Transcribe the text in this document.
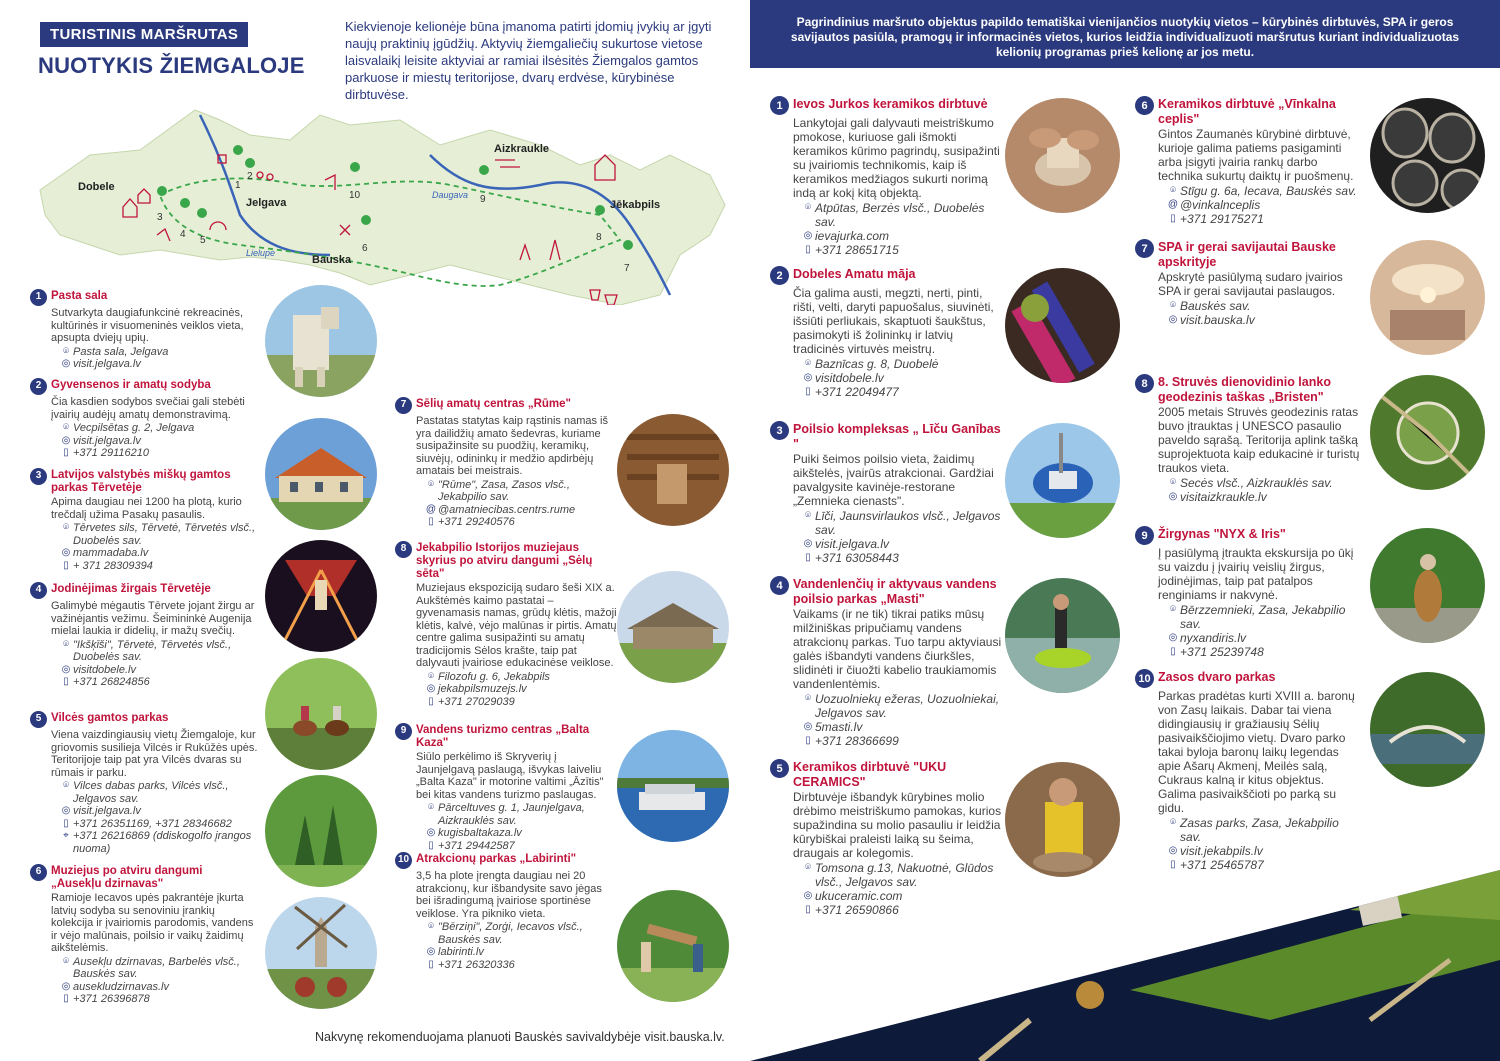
TURISTINIS MARŠRUTAS
NUOTYKIS ŽIEMGALOJE
Kiekvienoje kelionėje būna įmanoma patirti įdomių įvykių ar įgyti naujų praktinių įgūdžių. Aktyvių žiemgaliečių sukurtose vietose laisvalaikį leisite aktyviai ar ramiai ilsėsitės Žiemgalos gamtos parkuose ir miestų teritorijose, dvarų erdvėse, kūrybinėse dirbtuvėse.
1
2
3
4
5
6
7
8
9
10
Dobele
Jelgava
Bauska
Aizkraukle
Jēkabpils
Daugava
Lielupe
1 Pasta sala
Sutvarkyta daugiafunkcinė rekreacinės, kultūrinės ir visuomeninės veiklos vieta, apsupta dviejų upių.
⌾ Pasta sala, Jelgava
◎ visit.jelgava.lv
2 Gyvensenos ir amatų sodyba
Čia kasdien sodybos svečiai gali stebėti įvairių audėjų amatų demonstravimą.
⌾ Vecpilsētas g. 2, Jelgava
◎ visit.jelgava.lv
▯ +371 29116210
3 Latvijos valstybės miškų gamtos parkas Tērvetėje
Apima daugiau nei 1200 ha plotą, kurio trečdalį užima Pasakų pasaulis.
⌾ Tērvetes sils, Tērvetė, Tērvetės vlsč., Duobelės sav.
◎ mammadaba.lv
▯ + 371 28309394
4 Jodinėjimas žirgais Tērvetėje
Galimybė mėgautis Tērvete jojant žirgu ar važinėjantis vežimu. Šeimininkė Augenija mielai laukia ir didelių, ir mažų svečių.
⌾ "Ikšķīši", Tērvetė, Tērvetės vlsč., Duobelės sav.
◎ visitdobele.lv
▯ +371 26824856
5 Vilcės gamtos parkas
Viena vaizdingiausių vietų Žiemgaloje, kur griovomis susilieja Vilcės ir Rukūžės upės. Teritorijoje taip pat yra Vilcės dvaras su rūmais ir parku.
⌾ Vilces dabas parks, Vilcės vlsč., Jelgavos sav.
◎ visit.jelgava.lv
▯ +371 26351169, +371 28346682
⌖ +371 26216869 (ddiskogolfo įrangos nuoma)
6 Muziejus po atviru dangumi „Ausekļu dzirnavas"
Ramioje Iecavos upės pakrantėje įkurta latvių sodyba su senoviniu įrankių kolekcija ir įvairiomis parodomis, vandens ir vėjo malūnais, poilsio ir vaikų žaidimų aikštelėmis.
⌾ Ausekļu dzirnavas, Barbelės vlsč., Bauskės sav.
◎ ausekludzirnavas.lv
▯ +371 26396878
7 Sēlių amatų centras „Rūme"
Pastatas statytas kaip rąstinis namas iš yra dailidžių amato šedevras, kuriame susipažinsite su puodžių, keramikų, siuvėjų, odininkų ir medžio apdirbėjų amatais bei meistrais.
⌾ "Rūme", Zasa, Zasos vlsč., Jekabpilio sav.
@ @amatniecibas.centrs.rume
▯ +371 29240576
8 Jekabpilio Istorijos muziejaus skyrius po atviru dangumi „Sėlų sēta"
Muziejaus ekspoziciją sudaro šeši XIX a. Aukštėmės kaimo pastatai – gyvenamasis namas, grūdų klėtis, mažoji klėtis, kalvė, vėjo malūnas ir pirtis. Amatų centre galima susipažinti su amatų tradicijomis Sėlos krašte, taip pat dalyvauti įvairiose edukacinėse veiklose.
⌾ Filozofu g. 6, Jekabpils
◎ jekabpilsmuzejs.lv
▯ +371 27029039
9 Vandens turizmo centras „Balta Kaza"
Siūlo perkėlimo iš Skryverių į Jaunjelgavą paslaugą, išvykas laiveliu „Balta Kaza" ir motorine valtimi „Āzītis" bei kitas vandens turizmo paslaugas.
⌾ Pārceltuves g. 1, Jaunjelgava, Aizkrauklės sav.
◎ kugisbaltakaza.lv
▯ +371 29442587
10 Atrakcionų parkas „Labirinti"
3,5 ha plote įrengta daugiau nei 20 atrakcionų, kur išbandysite savo jėgas bei išradingumą įvairiose sportinėse veiklose. Yra pikniko vieta.
⌾ "Bērziņi", Zorģi, Iecavos vlsč., Bauskės sav.
◎ labirinti.lv
▯ +371 26320336
Nakvynę rekomenduojama planuoti Bauskės savivaldybėje visit.bauska.lv.
Pagrindinius maršruto objektus papildo tematiškai vienijančios nuotykių vietos – kūrybinės dirbtuvės, SPA ir geros savijautos pasiūla, pramogų ir informacinės vietos, kurios leidžia individualizuoti maršrutus kuriant individualizuotas kelionių programas prieš kelionę ar jos metu.
1 Ievos Jurkos keramikos dirbtuvė
Lankytojai gali dalyvauti meistriškumo pmokose, kuriuose gali išmokti keramikos kūrimo pagrindų, susipažinti su įvairiomis technikomis, kaip iš keramikos medžiagos sukurti norimą indą ar kokį kitą objektą.
⌾ Atpūtas, Berzės vlsč., Duobelės sav.
◎ ievajurka.com
▯ +371 28651715
2 Dobeles Amatu māja
Čia galima austi, megzti, nerti, pinti, rišti, velti, daryti papuošalus, siuvinėti, išsiūti perliukais, skaptuoti šaukštus, pasimokyti iš žolininkų ir latvių tradicinės virtuvės meistrų.
⌾ Baznīcas g. 8, Duobelė
◎ visitdobele.lv
▯ +371 22049477
3 Poilsio kompleksas „ Līču Ganības "
Puiki šeimos poilsio vieta, žaidimų aikštelės, įvairūs atrakcionai. Gardžiai pavalgysite kavinėje-restorane „Zemnieka cienasts".
⌾ Līči, Jaunsvirlaukos vlsč., Jelgavos sav.
◎ visit.jelgava.lv
▯ +371 63058443
4 Vandenlenčių ir aktyvaus vandens poilsio parkas „Masti"
Vaikams (ir ne tik) tikrai patiks mūsų milžiniškas pripučiamų vandens atrakcionų parkas. Tuo tarpu aktyviausi galės išbandyti vandens čiurkšles, slidinėti ir čiuožti kabelio traukiamomis vandenlentėmis.
⌾ Uozuolniekų ežeras, Uozuolniekai, Jelgavos sav.
◎ 5masti.lv
▯ +371 28366699
5 Keramikos dirbtuvė "UKU CERAMICS"
Dirbtuvėje išbandyk kūrybines molio drėbimo meistriškumo pamokas, kurios supažindina su molio pasauliu ir leidžia kūrybiškai praleisti laiką su šeima, draugais ar kolegomis.
⌾ Tomsona g.13, Nakuotnė, Glūdos vlsč., Jelgavos sav.
◎ ukuceramic.com
▯ +371 26590866
6 Keramikos dirbtuvė „Vīnkalna ceplis"
Gintos Zaumanės kūrybinė dirbtuvė, kurioje galima patiems pasigaminti arba įsigyti įvairia rankų darbo technika sukurtų daiktų ir puošmenų.
⌾ Stīgu g. 6a, Iecava, Bauskės sav.
@ @vinkalnceplis
▯ +371 29175271
7 SPA ir gerai savijautai Bauske apskrityje
Apskrytė pasiūlymą sudaro įvairios SPA ir gerai savijautai paslaugos.
⌾ Bauskės sav.
◎ visit.bauska.lv
8 8. Struvės dienovidinio lanko geodezinis taškas „Bristen"
2005 metais Struvės geodezinis ratas buvo įtrauktas į UNESCO pasaulio paveldo sąrašą. Teritorija aplink tašką suprojektuota kaip edukacinė ir turistų traukos vieta.
⌾ Secės vlsč., Aizkrauklės sav.
◎ visitaizkraukle.lv
9 Žirgynas "NYX & Iris"
Į pasiūlymą įtraukta ekskursija po ūkį su vaizdu į įvairių veislių žirgus, jodinėjimas, taip pat patalpos renginiams ir nakvynė.
⌾ Bērzzemnieki, Zasa, Jekabpilio sav.
◎ nyxandiris.lv
▯ +371 25239748
10 Zasos dvaro parkas
Parkas pradėtas kurti XVIII a. baronų von Zasų laikais. Dabar tai viena didingiausių ir gražiausių Sėlių pasivaikščiojimo vietų. Dvaro parko takai byloja baronų laikų legendas apie Ašarų Akmenį, Meilės salą, Cukraus kalną ir kitus objektus. Galima pasivaikščioti po parką su gidu.
⌾ Zasas parks, Zasa, Jekabpilio sav.
◎ visit.jekabpils.lv
▯ +371 25465787
